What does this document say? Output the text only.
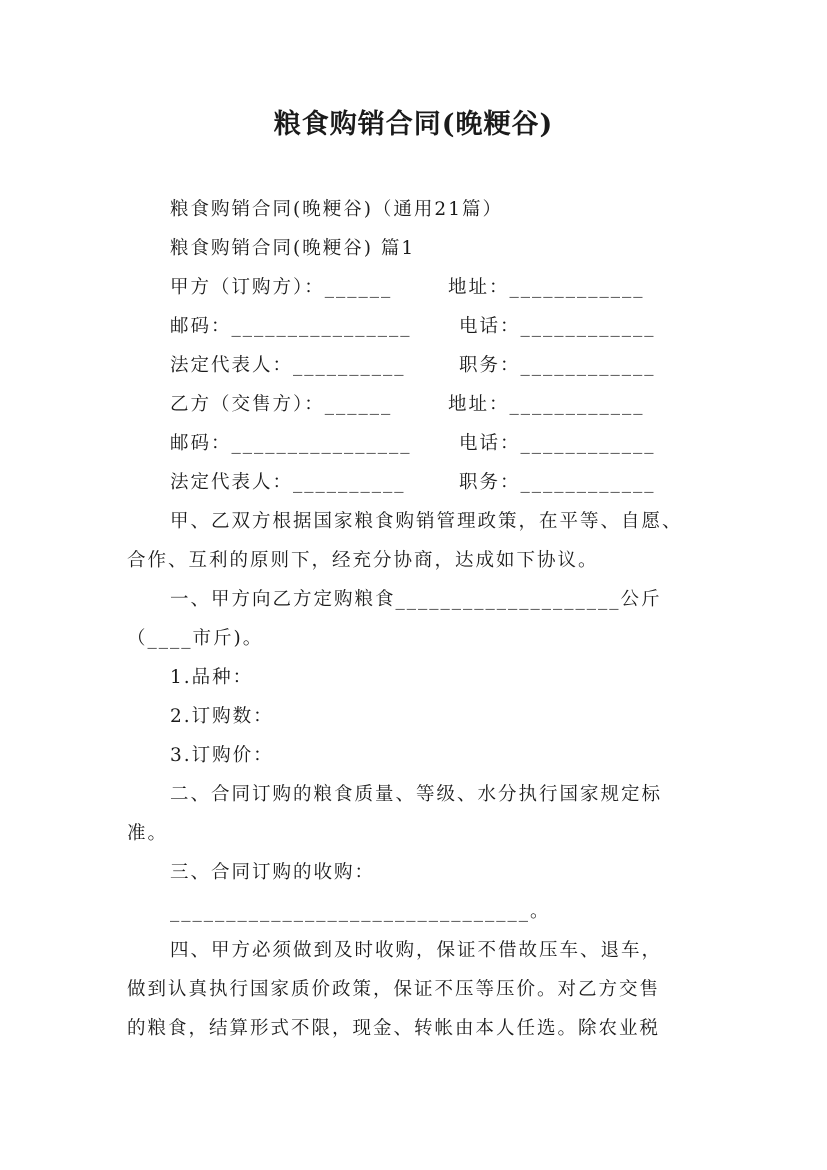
粮食购销合同(晚粳谷)

粮食购销合同(晚粳谷)（通用21篇）

粮食购销合同(晚粳谷) 篇1

甲方（订购方）：______	地址：____________

邮码：________________	电话：____________

法定代表人：__________	职务：____________

乙方（交售方）：______	地址：____________

邮码：________________	电话：____________

法定代表人：__________	职务：____________

甲、乙双方根据国家粮食购销管理政策，在平等、自愿、

合作、互利的原则下，经充分协商，达成如下协议。

一、甲方向乙方定购粮食____________________公斤

（____市斤)。

1.品种：

2.订购数：

3.订购价：

二、合同订购的粮食质量、等级、水分执行国家规定标

准。

三、合同订购的收购：

________________________________。

四、甲方必须做到及时收购，保证不借故压车、退车，

做到认真执行国家质价政策，保证不压等压价。对乙方交售

的粮食，结算形式不限，现金、转帐由本人任选。除农业税
